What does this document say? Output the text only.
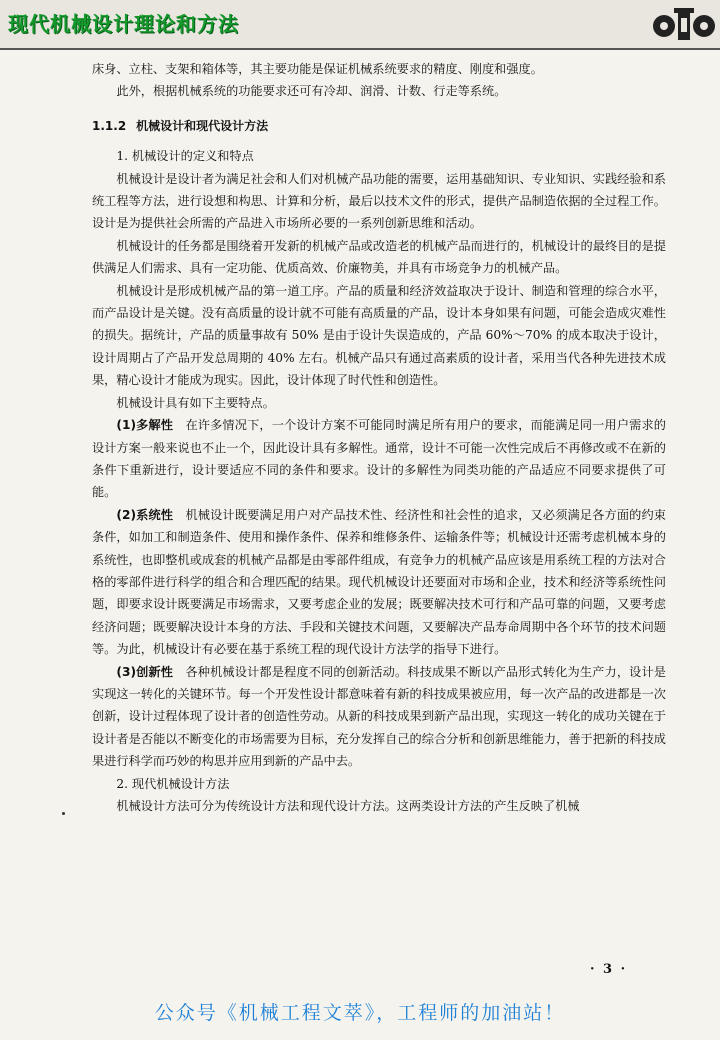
现代机械设计理论和方法

床身、立柱、支架和箱体等，其主要功能是保证机械系统要求的精度、刚度和强度。

此外，根据机械系统的功能要求还可有冷却、润滑、计数、行走等系统。

1.1.2 机械设计和现代设计方法

1. 机械设计的定义和特点

机械设计是设计者为满足社会和人们对机械产品功能的需要，运用基础知识、专业知识、实践经验和系统工程等方法，进行设想和构思、计算和分析，最后以技术文件的形式，提供产品制造依据的全过程工作。设计是为提供社会所需的产品进入市场所必要的一系列创新思维和活动。

机械设计的任务都是围绕着开发新的机械产品或改造老的机械产品而进行的，机械设计的最终目的是提供满足人们需求、具有一定功能、优质高效、价廉物美，并具有市场竞争力的机械产品。

机械设计是形成机械产品的第一道工序。产品的质量和经济效益取决于设计、制造和管理的综合水平，而产品设计是关键。没有高质量的设计就不可能有高质量的产品，设计本身如果有问题，可能会造成灾难性的损失。据统计，产品的质量事故有 50% 是由于设计失误造成的，产品 60%～70% 的成本取决于设计，设计周期占了产品开发总周期的 40% 左右。机械产品只有通过高素质的设计者，采用当代各种先进技术成果，精心设计才能成为现实。因此，设计体现了时代性和创造性。

机械设计具有如下主要特点。

(1)多解性　 在许多情况下，一个设计方案不可能同时满足所有用户的要求，而能满足同一用户需求的设计方案一般来说也不止一个，因此设计具有多解性。通常，设计不可能一次性完成后不再修改或不在新的条件下重新进行，设计要适应不同的条件和要求。设计的多解性为同类功能的产品适应不同要求提供了可能。

(2)系统性　 机械设计既要满足用户对产品技术性、经济性和社会性的追求，又必须满足各方面的约束条件，如加工和制造条件、使用和操作条件、保养和维修条件、运输条件等；机械设计还需考虑机械本身的系统性，也即整机或成套的机械产品都是由零部件组成，有竞争力的机械产品应该是用系统工程的方法对合格的零部件进行科学的组合和合理匹配的结果。现代机械设计还要面对市场和企业，技术和经济等系统性问题，即要求设计既要满足市场需求，又要考虑企业的发展；既要解决技术可行和产品可靠的问题，又要考虑经济问题；既要解决设计本身的方法、手段和关键技术问题，又要解决产品寿命周期中各个环节的技术问题等。为此，机械设计有必要在基于系统工程的现代设计方法学的指导下进行。

(3)创新性　 各种机械设计都是程度不同的创新活动。科技成果不断以产品形式转化为生产力，设计是实现这一转化的关键环节。每一个开发性设计都意味着有新的科技成果被应用，每一次产品的改进都是一次创新，设计过程体现了设计者的创造性劳动。从新的科技成果到新产品出现，实现这一转化的成功关键在于设计者是否能以不断变化的市场需要为目标，充分发挥自己的综合分析和创新思维能力，善于把新的科技成果进行科学而巧妙的构思并应用到新的产品中去。

2. 现代机械设计方法

机械设计方法可分为传统设计方法和现代设计方法。这两类设计方法的产生反映了机械

· 3 ·
公众号《机械工程文萃》，工程师的加油站！
